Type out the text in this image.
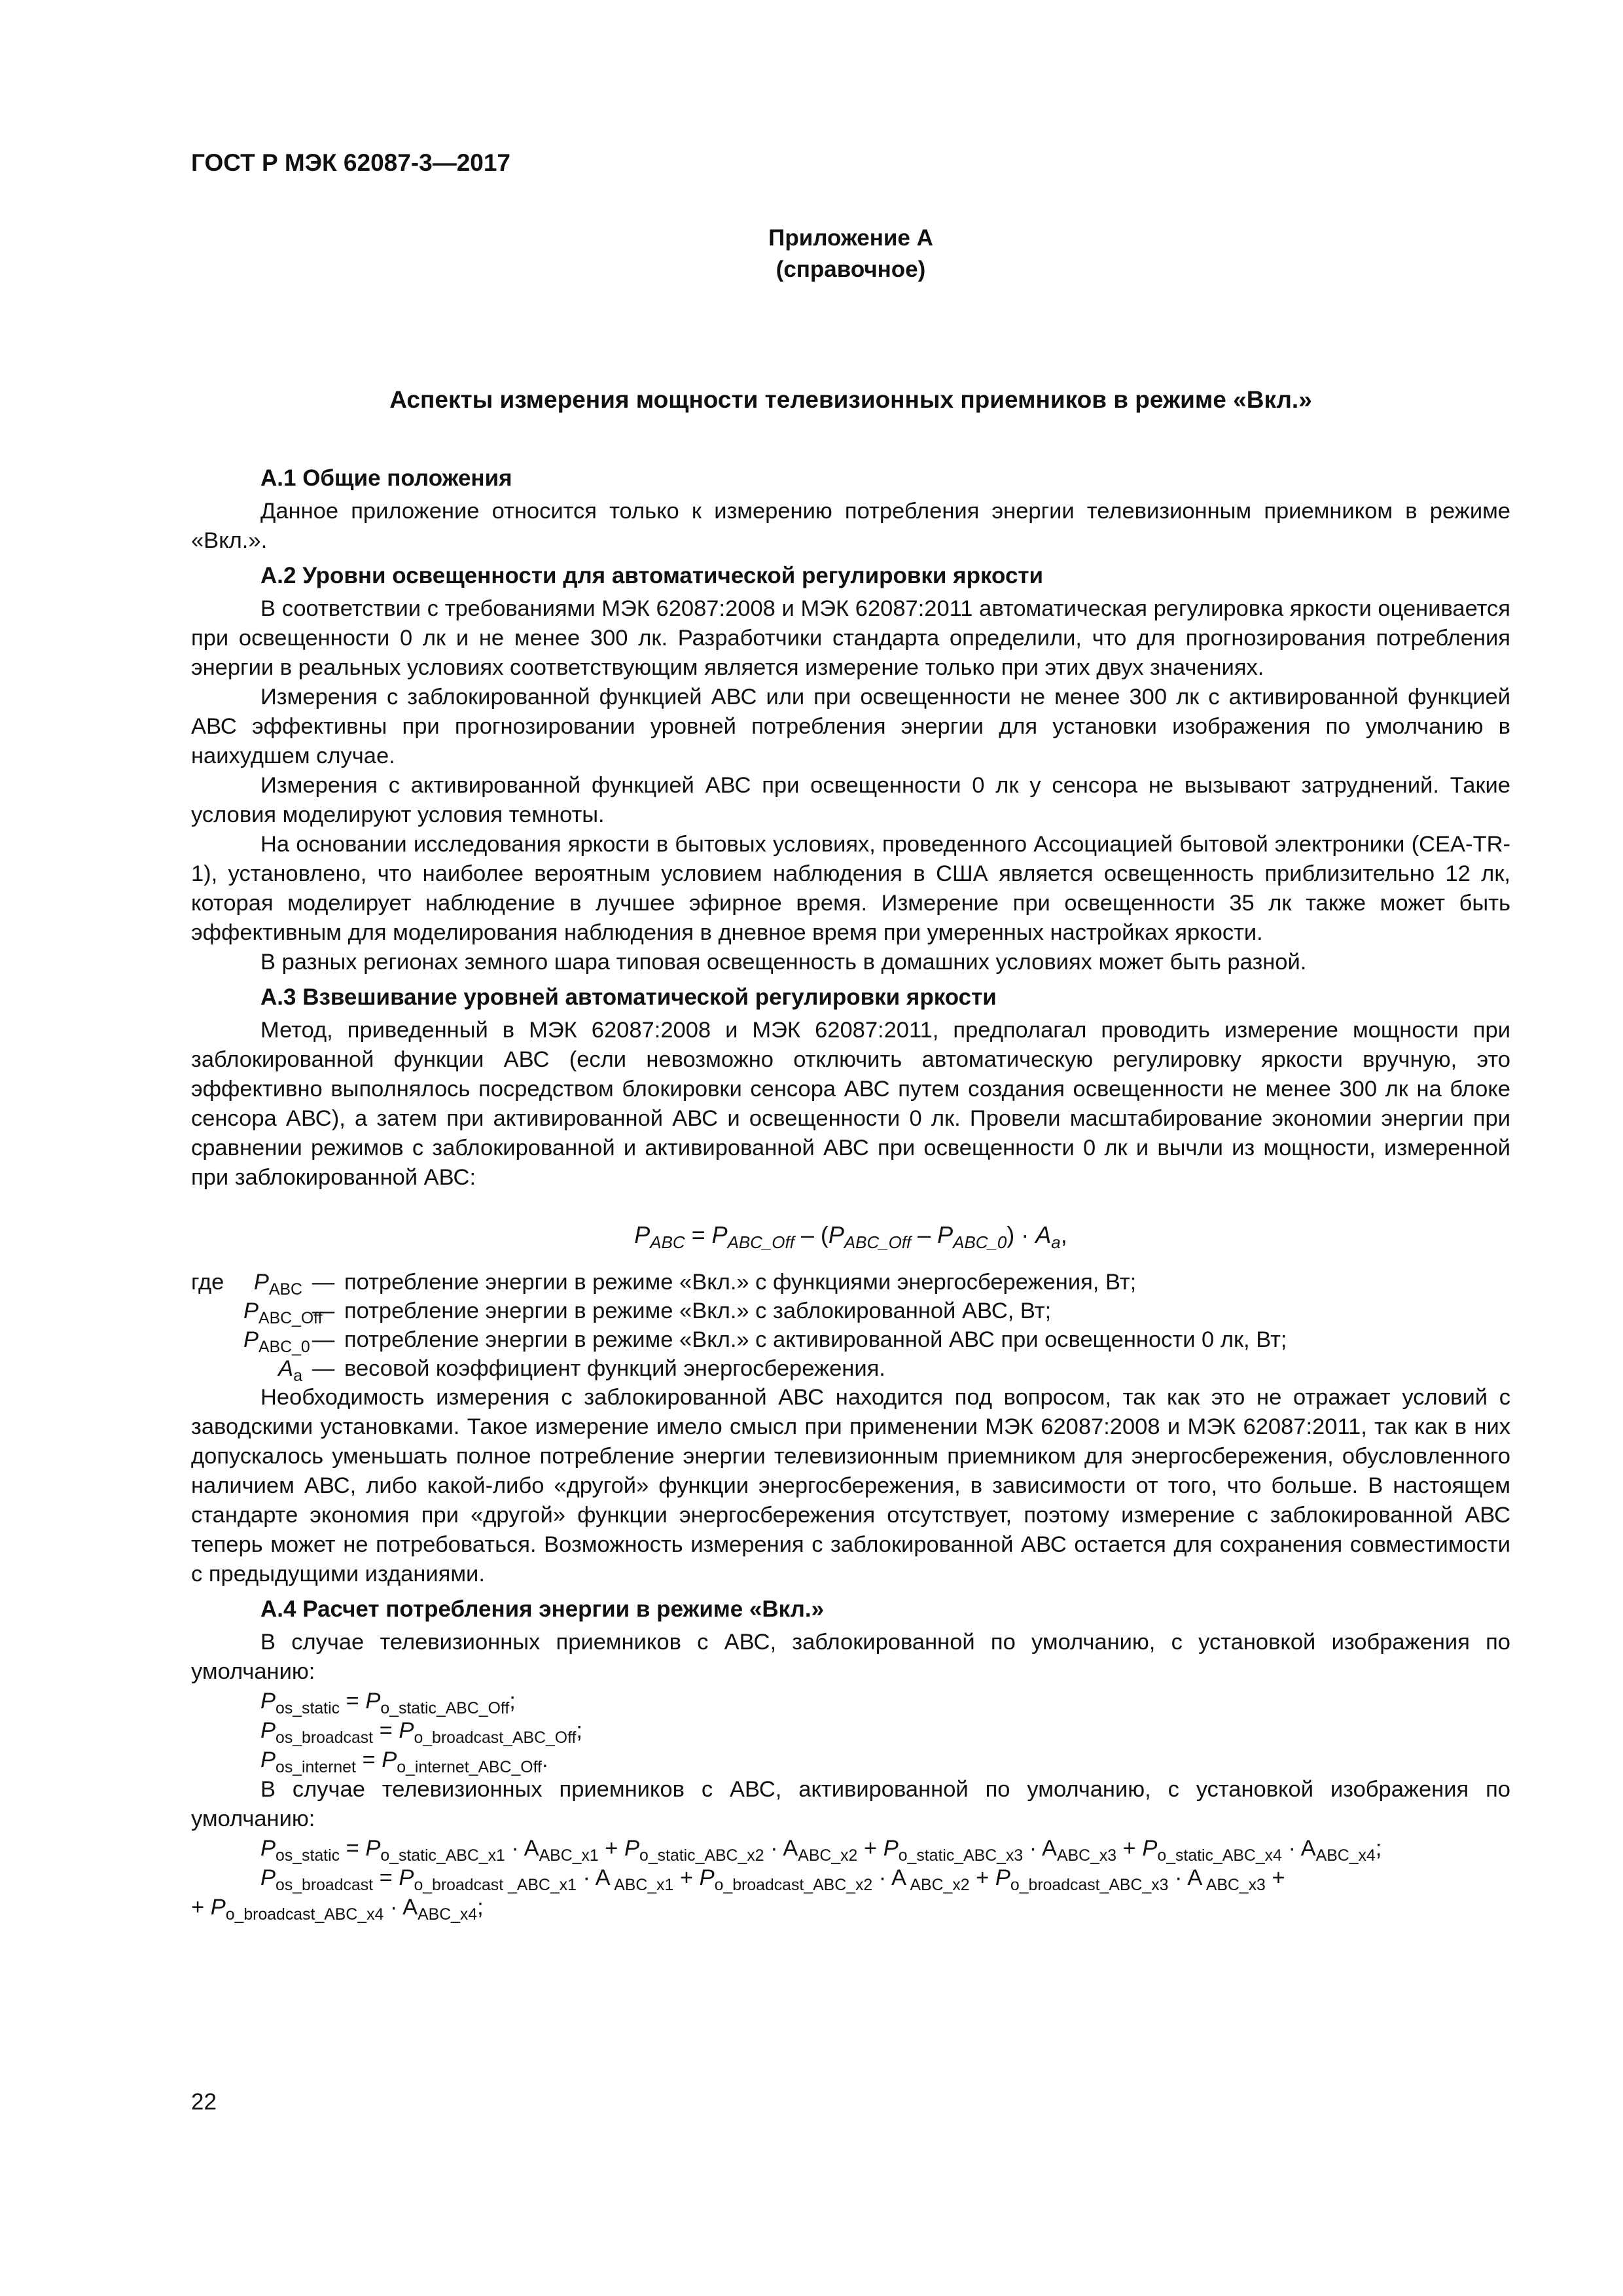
ГОСТ Р МЭК 62087-3—2017
Приложение А
(справочное)
Аспекты измерения мощности телевизионных приемников в режиме «Вкл.»
А.1 Общие положения

Данное приложение относится только к измерению потребления энергии телевизионным приемником в режиме «Вкл.».

А.2 Уровни освещенности для автоматической регулировки яркости

В соответствии с требованиями МЭК 62087:2008 и МЭК 62087:2011 автоматическая регулировка яркости оценивается при освещенности 0 лк и не менее 300 лк. Разработчики стандарта определили, что для прогнозирования потребления энергии в реальных условиях соответствующим является измерение только при этих двух значениях.

Измерения с заблокированной функцией АВС или при освещенности не менее 300 лк с активированной функцией АВС эффективны при прогнозировании уровней потребления энергии для установки изображения по умолчанию в наихудшем случае.

Измерения с активированной функцией АВС при освещенности 0 лк у сенсора не вызывают затруднений. Такие условия моделируют условия темноты.

На основании исследования яркости в бытовых условиях, проведенного Ассоциацией бытовой электроники (CEA-TR-1), установлено, что наиболее вероятным условием наблюдения в США является освещенность приблизительно 12 лк, которая моделирует наблюдение в лучшее эфирное время. Измерение при освещенности 35 лк также может быть эффективным для моделирования наблюдения в дневное время при умеренных настройках яркости.

В разных регионах земного шара типовая освещенность в домашних условиях может быть разной.

А.3 Взвешивание уровней автоматической регулировки яркости

Метод, приведенный в МЭК 62087:2008 и МЭК 62087:2011, предполагал проводить измерение мощности при заблокированной функции АВС (если невозможно отключить автоматическую регулировку яркости вручную, это эффективно выполнялось посредством блокировки сенсора АВС путем создания освещенности не менее 300 лк на блоке сенсора АВС), а затем при активированной АВС и освещенности 0 лк. Провели масштабирование экономии энергии при сравнении режимов с заблокированной и активированной АВС при освещенности 0 лк и вычли из мощности, измеренной при заблокированной АВС:

$P_{ABC} = P_{ABC\_Off} - (P_{ABC\_Off} - P_{ABC\_0}) \cdot A_a$,
где	$P_{ABC}$ — потребление энергии в режиме «Вкл.» с функциями энергосбережения, Вт;
$P_{ABC\_Off}$
— потребление энергии в режиме «Вкл.» с заблокированной АВС, Вт;
$P_{ABC\_0}$ — потребление энергии в режиме «Вкл.» с активированной АВС при освещенности 0 лк, Вт;
$A_a$ — весовой коэффициент функций энергосбережения.

Необходимость измерения с заблокированной АВС находится под вопросом, так как это не отражает условий с заводскими установками. Такое измерение имело смысл при применении МЭК 62087:2008 и МЭК 62087:2011, так как в них допускалось уменьшать полное потребление энергии телевизионным приемником для энергосбережения, обусловленного наличием АВС, либо какой-либо «другой» функции энергосбережения, в зависимости от того, что больше. В настоящем стандарте экономия при «другой» функции энергосбережения отсутствует, поэтому измерение с заблокированной АВС теперь может не потребоваться. Возможность измерения с заблокированной АВС остается для сохранения совместимости с предыдущими изданиями.

А.4 Расчет потребления энергии в режиме «Вкл.»

В случае телевизионных приемников с АВС, заблокированной по умолчанию, с установкой изображения по умолчанию:

$P_{os\_static} = P_{o\_static\_ABC\_Off}$;
$P_{os\_broadcast} = P_{o\_broadcast\_ABC\_Off}$;
$P_{os\_internet} = P_{o\_internet\_ABC\_Off}$.

В случае телевизионных приемников с АВС, активированной по умолчанию, с установкой изображения по умолчанию:

$P_{os\_static} = P_{o\_static\_ABC\_x1} \cdot A_{ABC\_x1} + P_{o\_static\_ABC\_x2} \cdot A_{ABC\_x2} + P_{o\_static\_ABC\_x3} \cdot A_{ABC\_x3} + P_{o\_static\_ABC\_x4} \cdot A_{ABC\_x4}$;
$P_{os\_broadcast} = P_{o\_broadcast \_ABC\_x1} \cdot A$ $_{ABC\_x1} + P_{o\_broadcast\_ABC\_x2} \cdot A$ $_{ABC\_x2} + P_{o\_broadcast\_ABC\_x3} \cdot A$ $_{ABC\_x3}$ +
+ $P_{o\_broadcast\_ABC\_x4} \cdot A_{ABC\_x4}$;
22
